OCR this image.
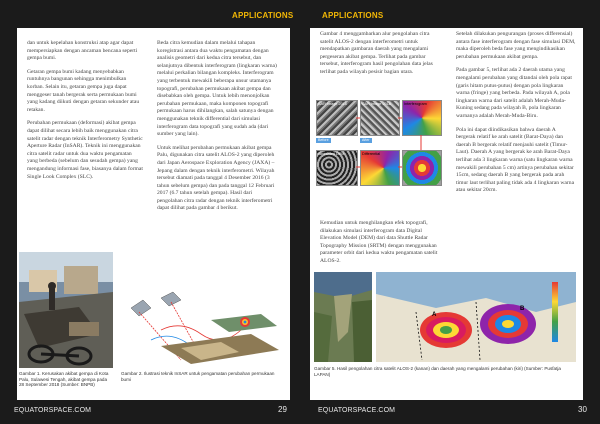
APPLICATIONS

dan untuk kepelahan konstruksi atap agar dapat mempersiapkan dengan ancaman bencana seperti gempa bumi.

Getaran gempa bumi kadang menyebabkan runtuhnya bangunan sehingga menimbulkan korban. Selain itu, getaran gempa juga dapat menggeser tanah bergerak serta permukaan bumi yang kadang diikuti dengan getaran sekunder atau retakan.

Perubahan permukaan (deformasi) akibat gempa dapat dilihat secara lebih baik menggunakan citra satelit radar dengan teknik Interferometry Synthetic Aperture Radar (InSAR). Teknik ini menggunakan citra satelit radar untuk dua waktu pengamatan yang berbeda (sebelum dan sesudah gempa) yang mengandung informasi fase, biasanya dalam format Single Look Complex (SLC).

Beda citra kemudian dalam melalui tahapan koregistrasi antara dua waktu pengamatan dengan analisis geometri dari kedua citra tersebut, dan selanjutnya dibentuk interferogram (lingkaran warna) melalui perkalian bilangan kompleks. Interferogram yang terbentuk mewakili beberapa unsur utamanya topografi, perubahan permukaan akibat gempa dan disebabkan oleh gempa. Untuk lebih menonjolkan perubahan permukaan, maka komponen topografi permukaan harus dihilangkan, salah satunya dengan menggunakan teknik differential dari simulasi interferogram data topografi yang sudah ada (dari sumber yang lain).

Untuk melihat perubahan permukaan akibat gempa Palu, digunakan citra satelit ALOS-2 yang diperoleh dari Japan Aerospace Exploration Agency (JAXA) – Jepang dalam dengan teknik interferometri. Wilayah tersebut diamati pada tanggal 4 Desember 2016 (3 tahun sebelum gempa) dan pada tanggal 12 Februari 2017 (6.7 tahun setelah gempa). Hasil dari pengolahan citra radar dengan teknik interferometri dapat dilihat pada gambar 4 berikut.

Gambar 1. Kerusakan akibat gempa di Kota Palu, Sulawesi Tengah, akibat gempa pada 28 September 2018 (Sumber: BNPB)
Gambar 2. Ilustrasi teknik InSAR untuk pengamatan perubahan permukaan bumi
EQUATORSPACE.COM	29
APPLICATIONS

Gambar 4 menggambarkan alur pengolahan citra satelit ALOS-2 dengan interferometri untuk mendapatkan gambaran daerah yang mengalami pergeseran akibat gempa. Terlihat pada gambar tersebut, interferogram hasil pengolahan data jelas terlihat pada wilayah pesisir bagian utara.

SAR Image 2016	SAR Image 2018	Interferogram
Before	After
Simulated DEM	Differential

Kemudian untuk menghilangkan efek topografi, dilakukan simulasi interferogram data Digital Elevation Model (DEM) dari data Shuttle Radar Topography Mission (SRTM) dengan menggunakan parameter orbit dari kedua waktu pengamatan satelit ALOS-2.

Setelah dilakukan pengurangan (proses differensial) antara fase interferogram dengan fase simulasi DEM, maka diperoleh beda fase yang mengindikasikan perubahan permukaan akibat gempa.

Pada gambar 5, terlihat ada 2 daerah utama yang mengalami perubahan yang ditandai oleh pola rapat (garis hitam putus-putus) dengan pola lingkaran warna (fringe) yang berbeda. Pada wilayah A, pola lingkaran warna dari satelit adalah Merah-Muda-Kuning sedang pada wilayah B, pola lingkaran warnanya adalah Merah-Muda-Biru.

Pola ini dapat diindikasikan bahwa daerah A bergerak relatif ke arah satelit (Barat-Daya) dan daerah B bergerak relatif menjauhi satelit (Timur-Laut). Daerah A yang bergerak ke arah Barat-Daya terlihat ada 3 lingkaran warna (satu lingkaran warna mewakili perubahan 5 cm) artinya perubahan sekitar 15cm, sedang daerah B yang bergerak pada arah timur laut terlihat paling tidak ada 4 lingkaran warna atau sekitar 20cm.

A
B
Gambar 5. Hasil pengolahan citra satelit ALOS-2 (kanan) dan daerah yang mengalami perubahan (kiri) (Sumber: Pusfatja LAPAN)
EQUATORSPACE.COM	30
